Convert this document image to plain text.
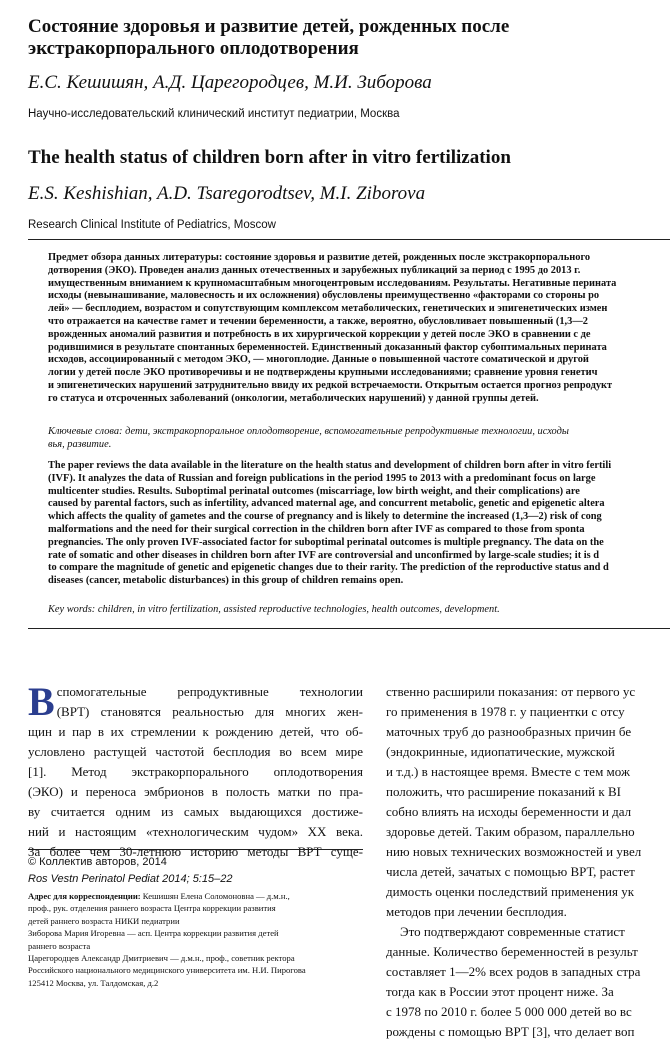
Состояние здоровья и развитие детей, рожденных после экстракорпорального оплодотворения
Е.С. Кешишян, А.Д. Царегородцев, М.И. Зиборова
Научно-исследовательский клинический институт педиатрии, Москва
The health status of children born after in vitro fertilization
E.S. Keshishian, A.D. Tsaregorodtsev, M.I. Ziborova
Research Clinical Institute of Pediatrics, Moscow
Предмет обзора данных литературы: состояние здоровья и развитие детей, рожденных после экстракорпорального
дотворения (ЭКО). Проведен анализ данных отечественных и зарубежных публикаций за период с 1995 до 2013 г.
имущественным вниманием к крупномасштабным многоцентровым исследованиям. Результаты. Негативные перината
исходы (невынашивание, маловесность и их осложнения) обусловлены преимущественно «факторами со стороны ро
лей» — бесплодием, возрастом и сопутствующим комплексом метаболических, генетических и эпигенетических измен
что отражается на качестве гамет и течении беременности, а также, вероятно, обусловливает повышенный (1,3—2
врожденных аномалий развития и потребность в их хирургической коррекции у детей после ЭКО в сравнении с де
родившимися в результате спонтанных беременностей. Единственный доказанный фактор субоптимальных перината
исходов, ассоциированный с методом ЭКО, — многоплодие. Данные о повышенной частоте соматической и другой
логии у детей после ЭКО противоречивы и не подтверждены крупными исследованиями; сравнение уровня генетич
и эпигенетических нарушений затруднительно ввиду их редкой встречаемости. Открытым остается прогноз репродукт
го статуса и отсроченных заболеваний (онкологии, метаболических нарушений) у данной группы детей.
Ключевые слова: дети, экстракорпоральное оплодотворение, вспомогательные репродуктивные технологии, исходы
вья, развитие.
The paper reviews the data available in the literature on the health status and development of children born after in vitro fertili
(IVF). It analyzes the data of Russian and foreign publications in the period 1995 to 2013 with a predominant focus on large
multicenter studies. Results. Suboptimal perinatal outcomes (miscarriage, low birth weight, and their complications) are
caused by parental factors, such as infertility, advanced maternal age, and concurrent metabolic, genetic and epigenetic altera
which affects the quality of gametes and the course of pregnancy and is likely to determine the increased (1,3—2) risk of cong
malformations and the need for their surgical correction in the children born after IVF as compared to those from sponta
pregnancies. The only proven IVF-associated factor for suboptimal perinatal outcomes is multiple pregnancy. The data on the
rate of somatic and other diseases in children born after IVF are controversial and unconfirmed by large-scale studies; it is d
to compare the magnitude of genetic and epigenetic changes due to their rarity. The prediction of the reproductive status and d
diseases (cancer, metabolic disturbances) in this group of children remains open.
Key words: children, in vitro fertilization, assisted reproductive technologies, health outcomes, development.
В спомогательные репродуктивные технологии
(ВРТ) становятся реальностью для многих жен-
щин и пар в их стремлении к рождению детей, что об-
условлено растущей частотой бесплодия во всем мире
[1]. Метод экстракорпорального оплодотворения
(ЭКО) и переноса эмбрионов в полость матки по пра-
ву считается одним из самых выдающихся достиже-
ний и настоящим «технологическим чудом» XX века.
За более чем 30-летнюю историю методы ВРТ суще-
© Коллектив авторов, 2014
Ros Vestn Perinatol Pediat 2014; 5:15–22
Адрес для корреспонденции: Кешишян Елена Соломоновна — д.м.н.,
проф., рук. отделения раннего возраста Центра коррекции развития
детей раннего возраста НИКИ педиатрии
Зиборова Мария Игоревна — асп. Центра коррекции развития детей
раннего возраста
Царегородцев Александр Дмитриевич — д.м.н., проф., советник ректора
Российского национального медицинского университета им. Н.И. Пирогова
125412 Москва, ул. Талдомская, д.2
ственно расширили показания: от первого ус
го применения в 1978 г. у пациентки с отсу
маточных труб до разнообразных причин бе
(эндокринные, идиопатические, мужской
и т.д.) в настоящее время. Вместе с тем мож
положить, что расширение показаний к ВІ
собно влиять на исходы беременности и дал
здоровье детей. Таким образом, параллельно
нию новых технических возможностей и увел
числа детей, зачатых с помощью ВРТ, растет
димость оценки последствий применения ук
методов при лечении бесплодия.
Это подтверждают современные статист
данные. Количество беременностей в результ
составляет 1—2% всех родов в западных стра
тогда как в России этот процент ниже. За
с 1978 по 2010 г. более 5 000 000 детей во вс
рождены с помощью ВРТ [3], что делает воп
